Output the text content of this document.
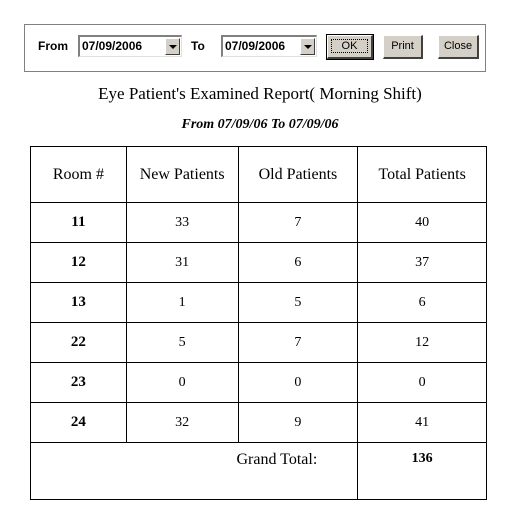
From 07/09/2006	To 07/09/2006	OK	Print	Close
Eye Patient's Examined Report( Morning Shift)
From 07/09/06 To 07/09/06
Room #	New Patients	Old Patients	Total Patients
11	33	7	40
12	31	6	37
13	1	5	6
22	5	7	12
23	0	0	0
24	32	9	41
Grand Total:			136
